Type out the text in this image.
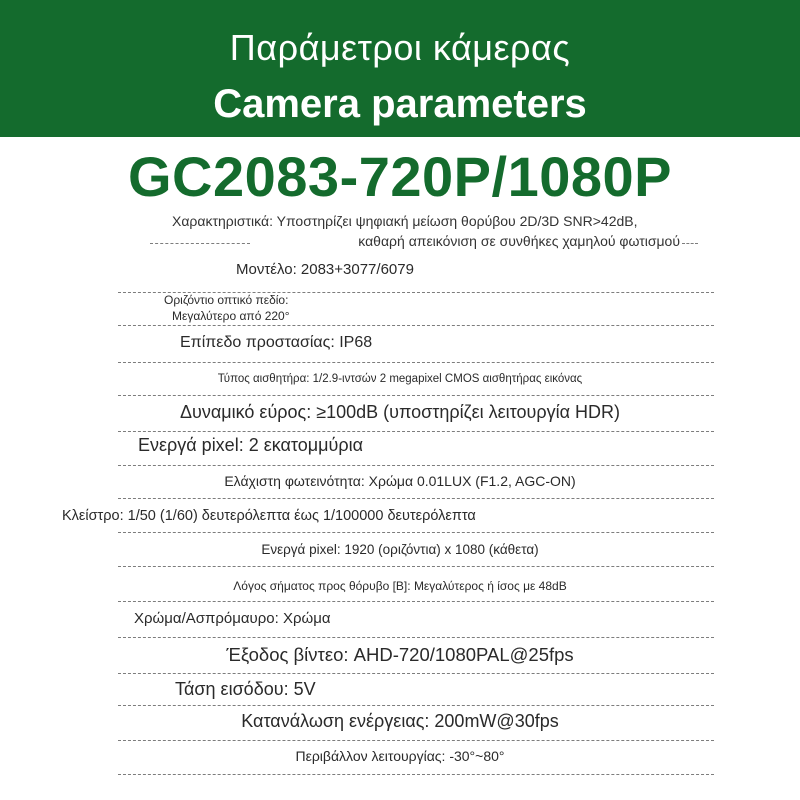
Παράμετροι κάμερας
Camera parameters
GC2083-720P/1080P
Χαρακτηριστικά: Υποστηρίζει ψηφιακή μείωση θορύβου 2D/3D SNR>42dB,
καθαρή απεικόνιση σε συνθήκες χαμηλού φωτισμού
Μοντέλο: 2083+3077/6079
Οριζόντιο οπτικό πεδίο:
Μεγαλύτερο από 220°
Επίπεδο προστασίας: IP68
Τύπος αισθητήρα: 1/2.9-ιντσών 2 megapixel CMOS αισθητήρας εικόνας
Δυναμικό εύρος: ≥100dB (υποστηρίζει λειτουργία HDR)
Ενεργά pixel: 2 εκατομμύρια
Ελάχιστη φωτεινότητα: Χρώμα 0.01LUX (F1.2, AGC-ON)
Κλείστρο: 1/50 (1/60) δευτερόλεπτα έως 1/100000 δευτερόλεπτα
Ενεργά pixel: 1920 (οριζόντια) x 1080 (κάθετα)
Λόγος σήματος προς θόρυβο [B]: Μεγαλύτερος ή ίσος με 48dB
Χρώμα/Ασπρόμαυρο: Χρώμα
Έξοδος βίντεο: AHD-720/1080PAL@25fps
Τάση εισόδου: 5V
Κατανάλωση ενέργειας: 200mW@30fps
Περιβάλλον λειτουργίας: -30°~80°
